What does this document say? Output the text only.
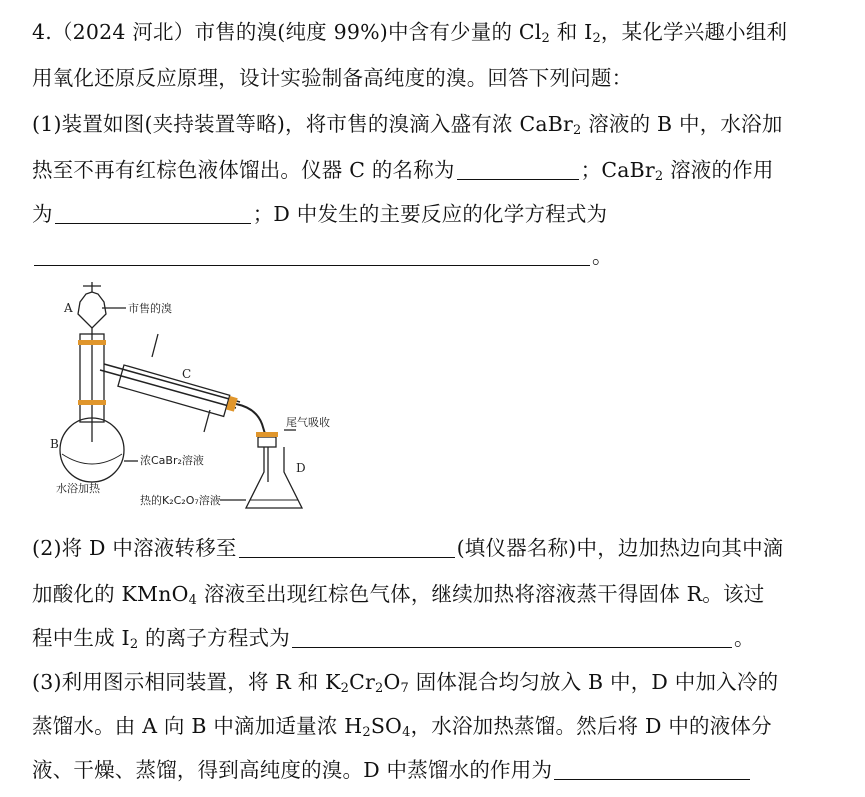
4.（2024 河北）市售的溴(纯度 99%)中含有少量的 $Cl_2$ 和 $I_2$，某化学兴趣小组利
用氧化还原反应原理，设计实验制备高纯度的溴。回答下列问题：
(1)装置如图(夹持装置等略)，将市售的溴滴入盛有浓 CaBr$_2$ 溶液的 B 中，水浴加
热至不再有红棕色液体馏出。仪器 C 的名称为	；CaBr$_2$ 溶液的作用
为	；D 中发生的主要反应的化学方程式为
。
A	市售的溴
C
尾气吸收
B
浓CaBr₂溶液
D
水浴加热
热的K₂C₂O₇溶液
(2)将 D 中溶液转移至	(填仪器名称)中，边加热边向其中滴
加酸化的 KMnO$_4$ 溶液至出现红棕色气体，继续加热将溶液蒸干得固体 R。该过
程中生成 $I_2$ 的离子方程式为	。
(3)利用图示相同装置，将 R 和 $K_2Cr_2O_7$ 固体混合均匀放入 B 中，D 中加入冷的
蒸馏水。由 A 向 B 中滴加适量浓 $H_2SO_4$，水浴加热蒸馏。然后将 D 中的液体分
液、干燥、蒸馏，得到高纯度的溴。D 中蒸馏水的作用为
